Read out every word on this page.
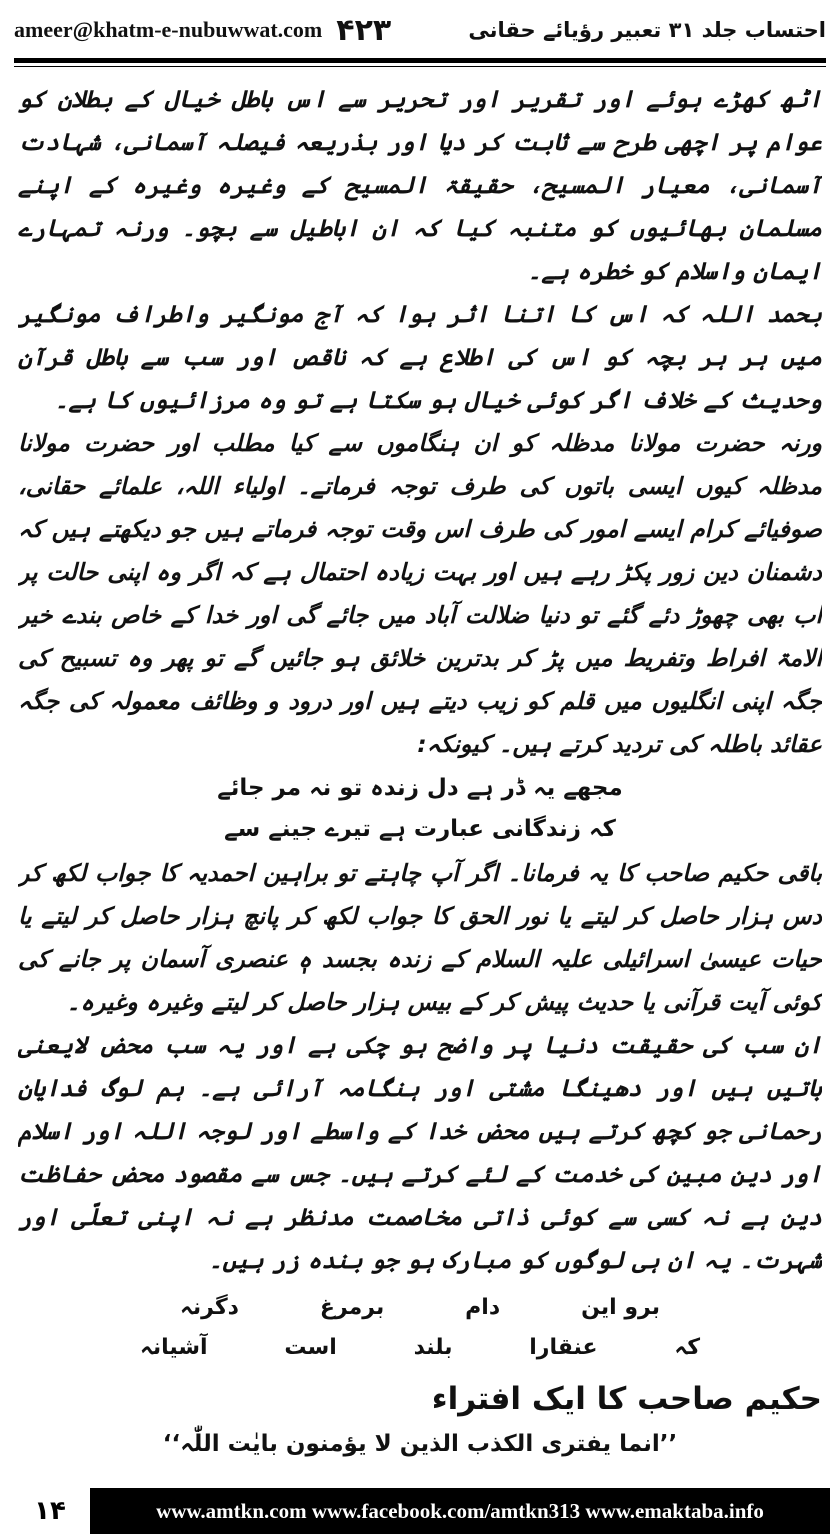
ameer@khatm-e-nubuwwat.com ۴۲۳	احتساب جلد ۳۱ تعبیر رؤیائے حقانی

اٹھ کھڑے ہوئے اور تقریر اور تحریر سے اس باطل خیال کے بطلان کو عوام پر اچھی طرح سے ثابت کر دیا اور بذریعہ فیصلہ آسمانی، شہادت آسمانی، معیار المسیح، حقیقۃ المسیح کے وغیرہ وغیرہ کے اپنے مسلمان بھائیوں کو متنبہ کیا کہ ان اباطیل سے بچو۔ ورنہ تمہارے ایمان واسلام کو خطرہ ہے۔

بحمد اللہ کہ اس کا اتنا اثر ہوا کہ آج مونگیر واطراف مونگیر میں ہر ہر بچہ کو اس کی اطلاع ہے کہ ناقص اور سب سے باطل قرآن وحدیث کے خلاف اگر کوئی خیال ہو سکتا ہے تو وہ مرزائیوں کا ہے۔

ورنہ حضرت مولانا مدظلہ کو ان ہنگاموں سے کیا مطلب اور حضرت مولانا مدظلہ کیوں ایسی باتوں کی طرف توجہ فرماتے۔ اولیاء اللہ، علمائے حقانی، صوفیائے کرام ایسے امور کی طرف اس وقت توجہ فرماتے ہیں جو دیکھتے ہیں کہ دشمنان دین زور پکڑ رہے ہیں اور بہت زیادہ احتمال ہے کہ اگر وہ اپنی حالت پر اب بھی چھوڑ دئے گئے تو دنیا ضلالت آباد میں جائے گی اور خدا کے خاص بندے خیر الامۃ افراط وتفریط میں پڑ کر بدترین خلائق ہو جائیں گے تو پھر وہ تسبیح کی جگہ اپنی انگلیوں میں قلم کو زیب دیتے ہیں اور درود و وظائف معمولہ کی جگہ عقائد باطلہ کی تردید کرتے ہیں۔ کیونکہ:

مجھے یہ ڈر ہے دل زندہ تو نہ مر جائے
کہ زندگانی عبارت ہے تیرے جینے سے

باقی حکیم صاحب کا یہ فرمانا۔ اگر آپ چاہتے تو براہین احمدیہ کا جواب لکھ کر دس ہزار حاصل کر لیتے یا نور الحق کا جواب لکھ کر پانچ ہزار حاصل کر لیتے یا حیات عیسیٰ اسرائیلی علیہ السلام کے زندہ بجسد ہٖ عنصری آسمان پر جانے کی کوئی آیت قرآنی یا حدیث پیش کر کے بیس ہزار حاصل کر لیتے وغیرہ وغیرہ۔

ان سب کی حقیقت دنیا پر واضح ہو چکی ہے اور یہ سب محض لایعنی باتیں ہیں اور دھینگا مشتی اور ہنگامہ آرائی ہے۔ ہم لوگ فدایان رحمانی جو کچھ کرتے ہیں محض خدا کے واسطے اور لوجہ اللہ اور اسلام اور دین مبین کی خدمت کے لئے کرتے ہیں۔ جس سے مقصود محض حفاظت دین ہے نہ کسی سے کوئی ذاتی مخاصمت مدنظر ہے نہ اپنی تعلّی اور شہرت۔ یہ ان ہی لوگوں کو مبارک ہو جو بندہ زر ہیں۔

برو این
دام
برمرغ
دگرنہ
کہ
عنقارا
بلند
است
آشیانہ
حکیم صاحب کا ایک افتراء
’’انما یفتری الکذب الذین لا یؤمنون بایٰت اللّٰہ‘‘
۱۴	www.amtkn.com www.facebook.com/amtkn313 www.emaktaba.info
